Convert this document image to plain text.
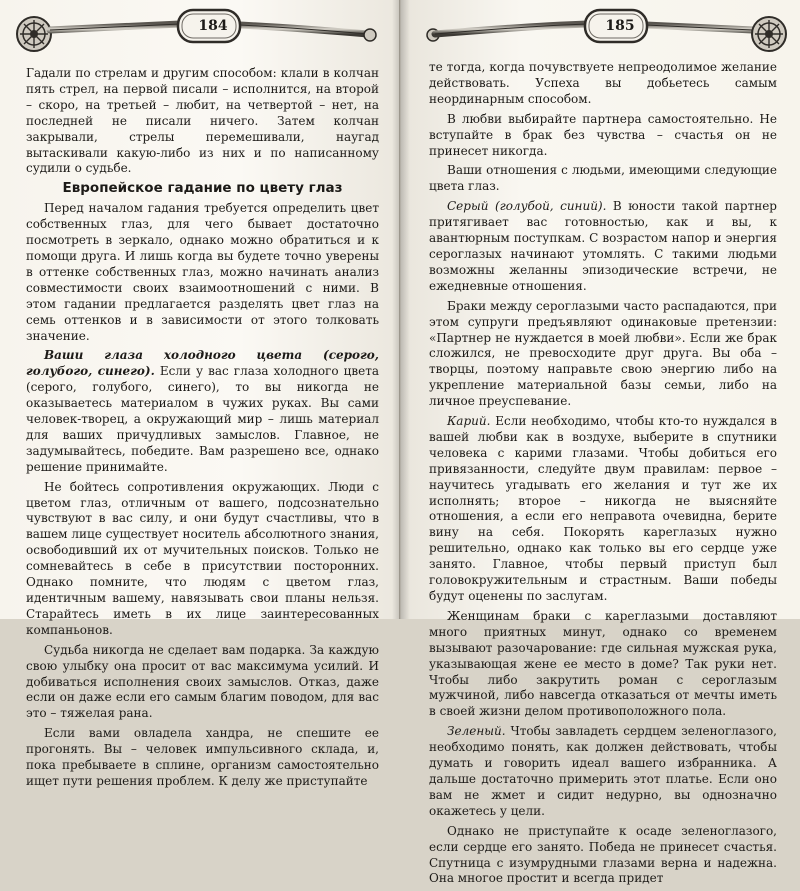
184

Гадали по стрелам и другим способом: клали в колчан пять стрел, на первой писали – исполнится, на второй – скоро, на третьей – любит, на четвертой – нет, на последней не писали ничего. Затем колчан закрывали, стрелы перемешивали, наугад вытаскивали какую-либо из них и по написанному судили о судьбе.

Европейское гадание по цвету глаз

Перед началом гадания требуется определить цвет собственных глаз, для чего бывает достаточно посмотреть в зеркало, однако можно обратиться и к помощи друга. И лишь когда вы будете точно уверены в оттенке собственных глаз, можно начинать анализ совместимости своих взаимоотношений с ними. В этом гадании предлагается разделять цвет глаз на семь оттенков и в зависимости от этого толковать значение.

Ваши глаза холодного цвета (серого, голубого, синего). Если у вас глаза холодного цвета (серого, голубого, синего), то вы никогда не оказываетесь материалом в чужих руках. Вы сами человек-творец, а окружающий мир – лишь материал для ваших причудливых замыслов. Главное, не задумывайтесь, победите. Вам разрешено все, однако решение принимайте.

Не бойтесь сопротивления окружающих. Люди с цветом глаз, отличным от вашего, подсознательно чувствуют в вас силу, и они будут счастливы, что в вашем лице существует носитель абсолютного знания, освободивший их от мучительных поисков. Только не сомневайтесь в себе в присутствии посторонних. Однако помните, что людям с цветом глаз, идентичным вашему, навязывать свои планы нельзя. Старайтесь иметь в их лице заинтересованных компаньонов.

Судьба никогда не сделает вам подарка. За каждую свою улыбку она просит от вас максимума усилий. И добиваться исполнения своих замыслов. Отказ, даже если он даже если его самым благим поводом, для вас это – тяжелая рана.

Если вами овладела хандра, не спешите ее прогонять. Вы – человек импульсивного склада, и, пока пребываете в сплине, организм самостоятельно ищет пути решения проблем. К делу же приступайте

185

те тогда, когда почувствуете непреодолимое желание действовать. Успеха вы добьетесь самым неординарным способом.

В любви выбирайте партнера самостоятельно. Не вступайте в брак без чувства – счастья он не принесет никогда.

Ваши отношения с людьми, имеющими следующие цвета глаз.

Серый (голубой, синий). В юности такой партнер притягивает вас готовностью, как и вы, к авантюрным поступкам. С возрастом напор и энергия сероглазых начинают утомлять. С такими людьми возможны желанны эпизодические встречи, не ежедневные отношения.

Браки между сероглазыми часто распадаются, при этом супруги предъявляют одинаковые претензии: «Партнер не нуждается в моей любви». Если же брак сложился, не превосходите друг друга. Вы оба – творцы, поэтому направьте свою энергию либо на укрепление материальной базы семьи, либо на личное преуспевание.

Карий. Если необходимо, чтобы кто-то нуждался в вашей любви как в воздухе, выберите в спутники человека с карими глазами. Чтобы добиться его привязанности, следуйте двум правилам: первое – научитесь угадывать его желания и тут же их исполнять; второе – никогда не выясняйте отношения, а если его неправота очевидна, берите вину на себя. Покорять кареглазых нужно решительно, однако как только вы его сердце уже занято. Главное, чтобы первый приступ был головокружительным и страстным. Ваши победы будут оценены по заслугам.

Женщинам браки с кареглазыми доставляют много приятных минут, однако со временем вызывают разочарование: где сильная мужская рука, указывающая жене ее место в доме? Так руки нет. Чтобы либо закрутить роман с сероглазым мужчиной, либо навсегда отказаться от мечты иметь в своей жизни делом противоположного пола.

Зеленый. Чтобы завладеть сердцем зеленоглазого, необходимо понять, как должен действовать, чтобы думать и говорить идеал вашего избранника. А дальше достаточно примерить этот платье. Если оно вам не жмет и сидит недурно, вы однозначно окажетесь у цели.

Однако не приступайте к осаде зеленоглазого, если сердце его занято. Победа не принесет счастья. Спутница с изумрудными глазами верна и надежна. Она многое простит и всегда придет
